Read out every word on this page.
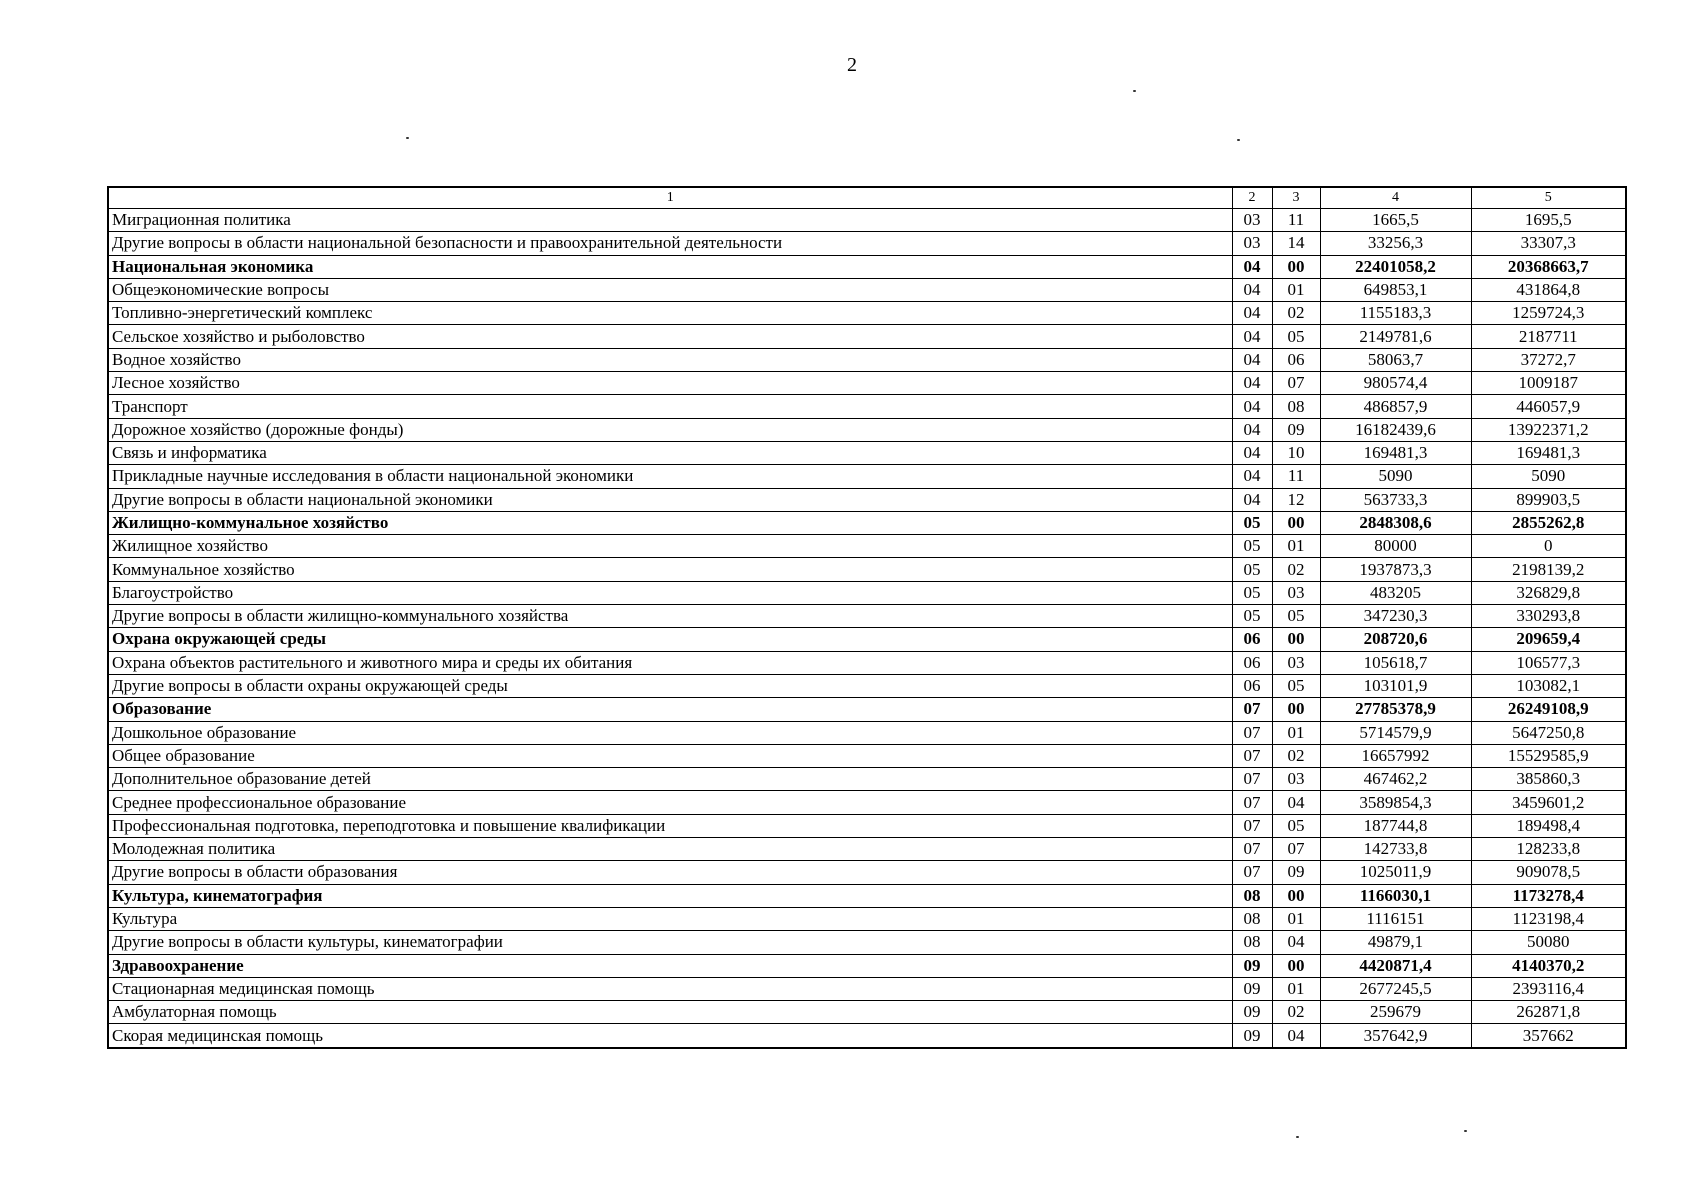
2
1	2	3	4	5
Миграционная политика	03	11	1665,5	1695,5
Другие вопросы в области национальной безопасности и правоохранительной деятельности	03	14	33256,3	33307,3
Национальная экономика	04	00	22401058,2	20368663,7
Общеэкономические вопросы	04	01	649853,1	431864,8
Топливно-энергетический комплекс	04	02	1155183,3	1259724,3
Сельское хозяйство и рыболовство	04	05	2149781,6	2187711
Водное хозяйство	04	06	58063,7	37272,7
Лесное хозяйство	04	07	980574,4	1009187
Транспорт	04	08	486857,9	446057,9
Дорожное хозяйство (дорожные фонды)	04	09	16182439,6	13922371,2
Связь и информатика	04	10	169481,3	169481,3
Прикладные научные исследования в области национальной экономики	04	11	5090	5090
Другие вопросы в области национальной экономики	04	12	563733,3	899903,5
Жилищно-коммунальное хозяйство	05	00	2848308,6	2855262,8
Жилищное хозяйство	05	01	80000	0
Коммунальное хозяйство	05	02	1937873,3	2198139,2
Благоустройство	05	03	483205	326829,8
Другие вопросы в области жилищно-коммунального хозяйства	05	05	347230,3	330293,8
Охрана окружающей среды	06	00	208720,6	209659,4
Охрана объектов растительного и животного мира и среды их обитания	06	03	105618,7	106577,3
Другие вопросы в области охраны окружающей среды	06	05	103101,9	103082,1
Образование	07	00	27785378,9	26249108,9
Дошкольное образование	07	01	5714579,9	5647250,8
Общее образование	07	02	16657992	15529585,9
Дополнительное образование детей	07	03	467462,2	385860,3
Среднее профессиональное образование	07	04	3589854,3	3459601,2
Профессиональная подготовка, переподготовка и повышение квалификации	07	05	187744,8	189498,4
Молодежная политика	07	07	142733,8	128233,8
Другие вопросы в области образования	07	09	1025011,9	909078,5
Культура, кинематография	08	00	1166030,1	1173278,4
Культура	08	01	1116151	1123198,4
Другие вопросы в области культуры, кинематографии	08	04	49879,1	50080
Здравоохранение	09	00	4420871,4	4140370,2
Стационарная медицинская помощь	09	01	2677245,5	2393116,4
Амбулаторная помощь	09	02	259679	262871,8
Скорая медицинская помощь	09	04	357642,9	357662
